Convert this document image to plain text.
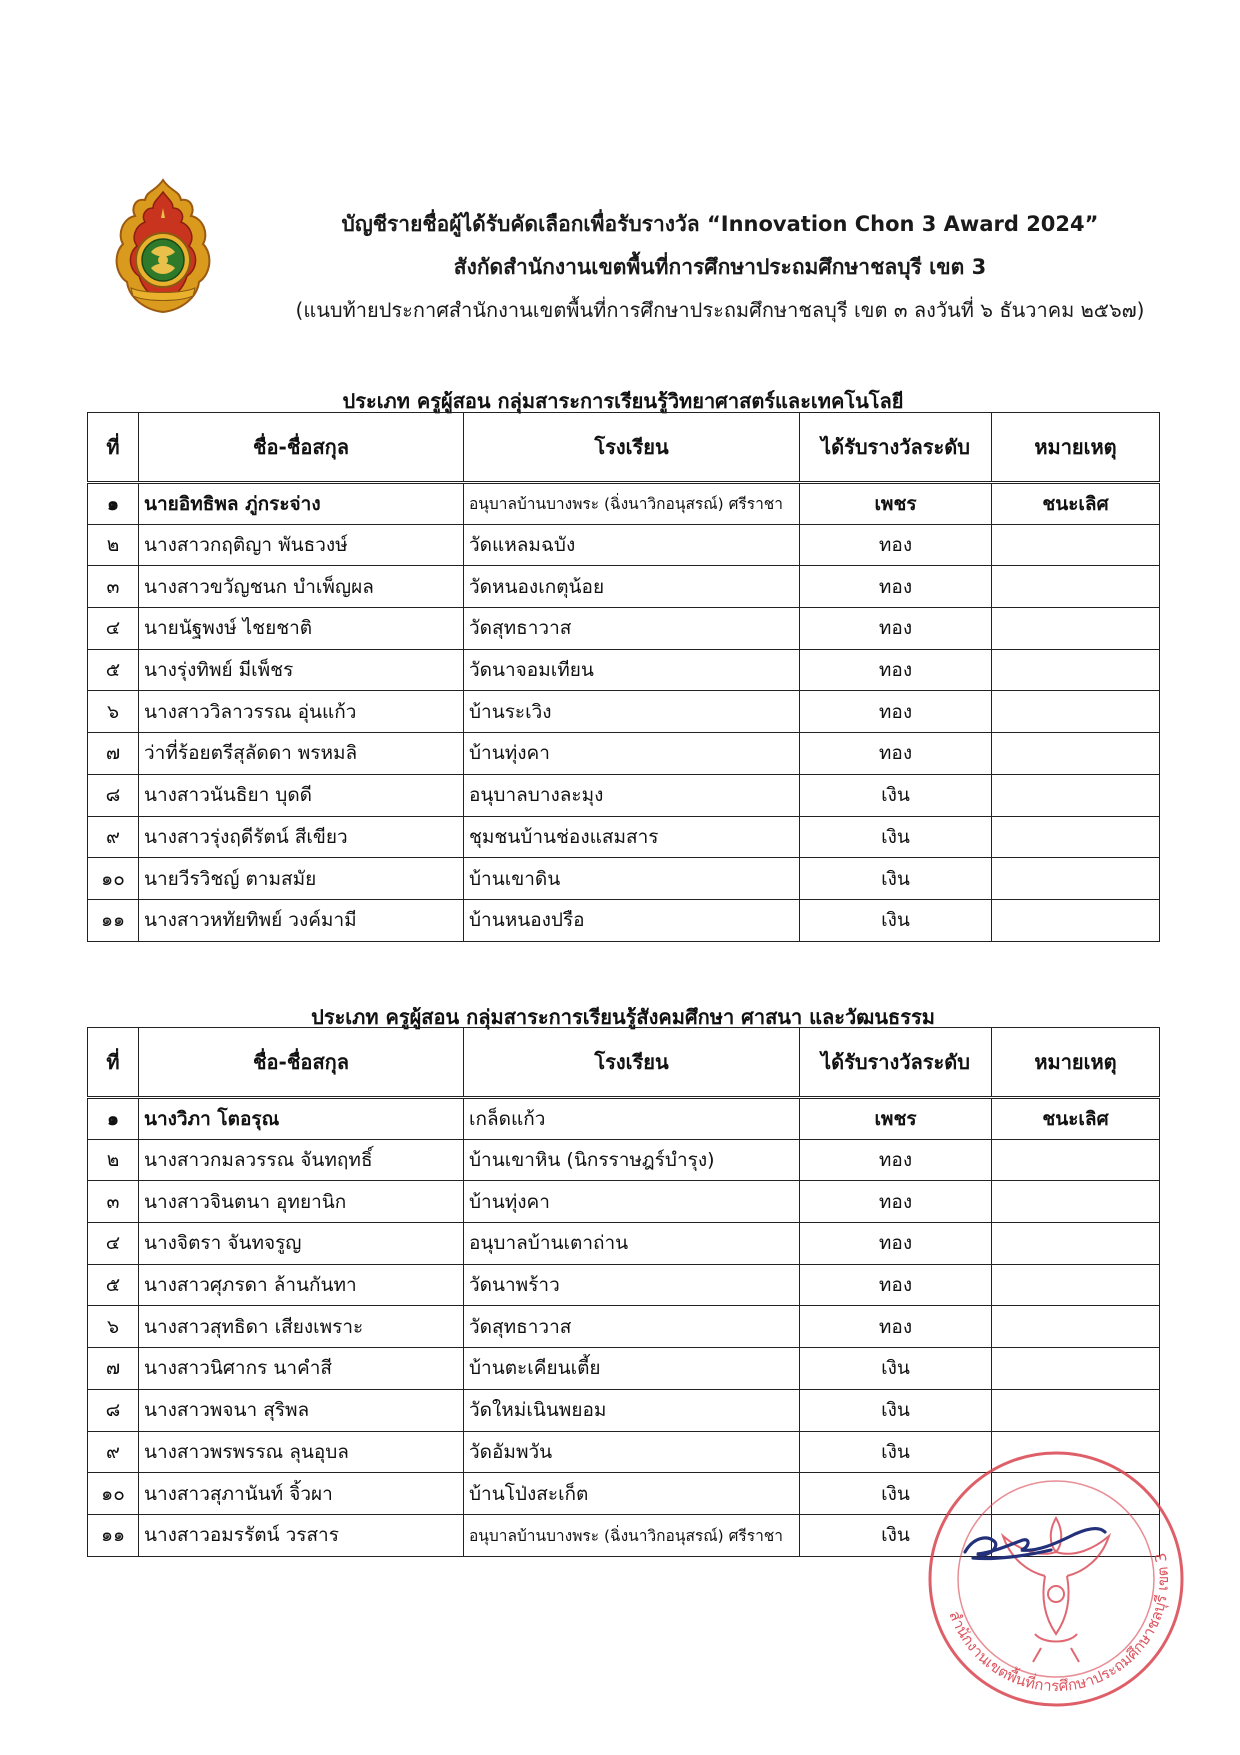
บัญชีรายชื่อผู้ได้รับคัดเลือกเพื่อรับรางวัล “Innovation Chon 3 Award 2024”
สังกัดสำนักงานเขตพื้นที่การศึกษาประถมศึกษาชลบุรี เขต 3
(แนบท้ายประกาศสำนักงานเขตพื้นที่การศึกษาประถมศึกษาชลบุรี เขต ๓ ลงวันที่ ๖ ธันวาคม ๒๕๖๗)
ประเภท ครูผู้สอน กลุ่มสาระการเรียนรู้วิทยาศาสตร์และเทคโนโลยี
ที่	ชื่อ-ชื่อสกุล	โรงเรียน	ได้รับรางวัลระดับ	หมายเหตุ
๑	นายอิทธิพล ภู่กระจ่าง	อนุบาลบ้านบางพระ (ฉิ่งนาวิกอนุสรณ์) ศรีราชา	เพชร	ชนะเลิศ
๒	นางสาวกฤติญา พันธวงษ์	วัดแหลมฉบัง	ทอง	
๓	นางสาวขวัญชนก บำเพ็ญผล	วัดหนองเกตุน้อย	ทอง	
๔	นายนัฐพงษ์ ไชยชาติ	วัดสุทธาวาส	ทอง	
๕	นางรุ่งทิพย์ มีเพ็ชร	วัดนาจอมเทียน	ทอง	
๖	นางสาววิลาวรรณ อุ่นแก้ว	บ้านระเวิง	ทอง	
๗	ว่าที่ร้อยตรีสุลัดดา พรหมลิ	บ้านทุ่งคา	ทอง	
๘	นางสาวนันธิยา บุดดี	อนุบาลบางละมุง	เงิน	
๙	นางสาวรุ่งฤดีรัตน์ สีเขียว	ชุมชนบ้านช่องแสมสาร	เงิน	
๑๐	นายวีรวิชญ์ ตามสมัย	บ้านเขาดิน	เงิน	
๑๑	นางสาวหทัยทิพย์ วงค์มามี	บ้านหนองปรือ	เงิน	
ประเภท ครูผู้สอน กลุ่มสาระการเรียนรู้สังคมศึกษา ศาสนา และวัฒนธรรม
ที่	ชื่อ-ชื่อสกุล	โรงเรียน	ได้รับรางวัลระดับ	หมายเหตุ
๑	นางวิภา โตอรุณ	เกล็ดแก้ว	เพชร	ชนะเลิศ
๒	นางสาวกมลวรรณ จันทฤทธิ์	บ้านเขาหิน (นิกรราษฎร์บำรุง)	ทอง	
๓	นางสาวจินตนา อุทยานิก	บ้านทุ่งคา	ทอง	
๔	นางจิตรา จันทจรูญ	อนุบาลบ้านเตาถ่าน	ทอง	
๕	นางสาวศุภรดา ล้านกันทา	วัดนาพร้าว	ทอง	
๖	นางสาวสุทธิดา เสียงเพราะ	วัดสุทธาวาส	ทอง	
๗	นางสาวนิศากร นาคำสี	บ้านตะเคียนเตี้ย	เงิน	
๘	นางสาวพจนา สุริพล	วัดใหม่เนินพยอม	เงิน	
๙	นางสาวพรพรรณ ลุนอุบล	วัดอัมพวัน	เงิน	
๑๐	นางสาวสุภานันท์ จิ้วผา	บ้านโป่งสะเก็ต	เงิน	
๑๑	นางสาวอมรรัตน์ วรสาร	อนุบาลบ้านบางพระ (ฉิ่งนาวิกอนุสรณ์) ศรีราชา	เงิน	
สำนักงานเขตพื้นที่การศึกษาประถมศึกษาชลบุรี เขต 3
